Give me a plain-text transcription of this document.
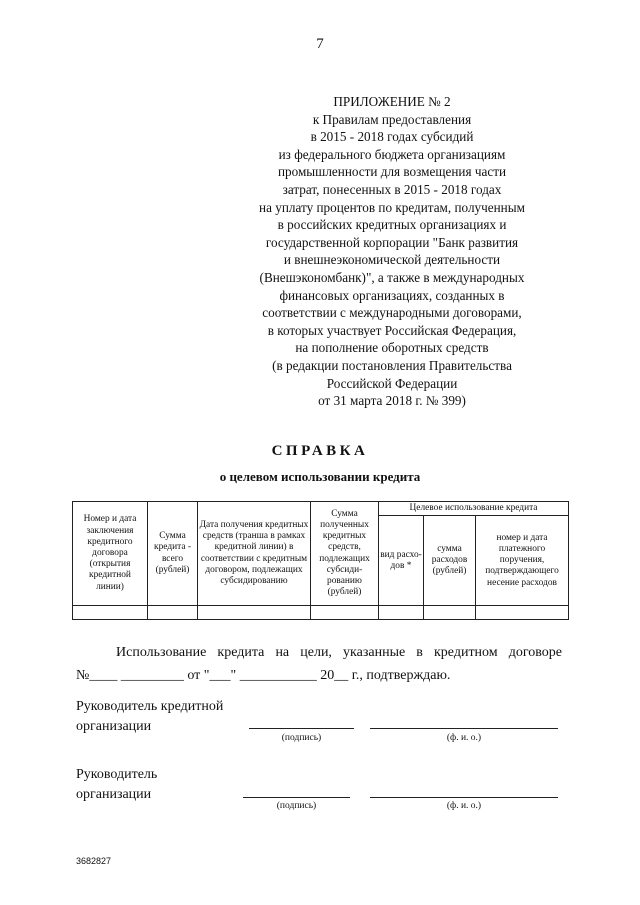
7
ПРИЛОЖЕНИЕ № 2
к Правилам предоставления
в 2015 - 2018 годах субсидий
из федерального бюджета организациям
промышленности для возмещения части
затрат, понесенных в 2015 - 2018 годах
на уплату процентов по кредитам, полученным
в российских кредитных организациях и
государственной корпорации "Банк развития
и внешнеэкономической деятельности
(Внешэкономбанк)", а также в международных
финансовых организациях, созданных в
соответствии с международными договорами,
в которых участвует Российская Федерация,
на пополнение оборотных средств
(в редакции постановления Правительства
Российской Федерации
от 31 марта 2018 г. № 399)
СПРАВКА
о целевом использовании кредита
Номер и дата заключения кредитного договора (открытия кредитной линии)	Сумма кредита - всего (рублей)	Дата получения кредитных средств (транша в рамках кредитной линии) в соответствии с кредитным договором, подлежащих субсидированию	Сумма полученных кредитных средств, подлежащих субсиди-рованию (рублей)	Целевое использование кредита		
				вид расхо-дов *	сумма расходов (рублей)	номер и дата платежного поручения, подтверждающего несение расходов

Использование кредита на цели, указанные в кредитном договоре
№____ _________ от "___" ___________ 20__ г., подтверждаю.
Руководитель кредитной
организации
(подпись)	(ф. и. о.)
Руководитель
организации
(подпись)	(ф. и. о.)
3682827
